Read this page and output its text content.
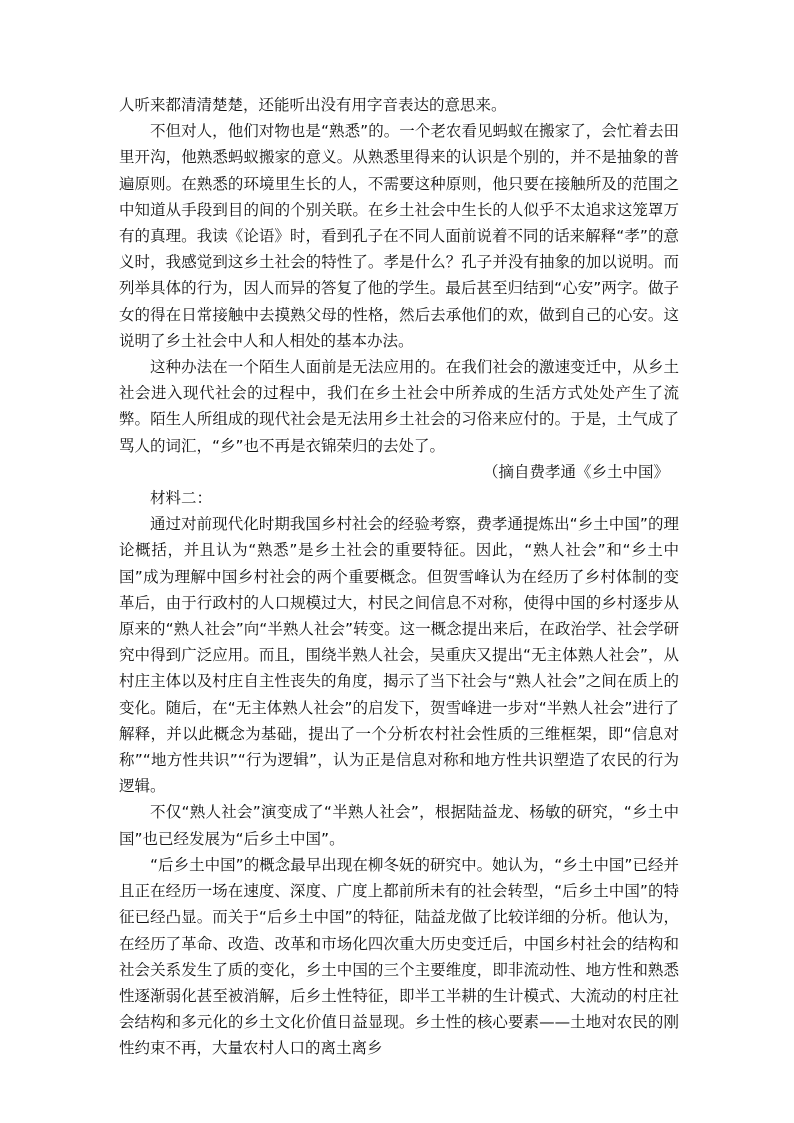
人听来都清清楚楚，还能听出没有用字音表达的意思来。

不但对人，他们对物也是“熟悉”的。一个老农看见蚂蚁在搬家了，会忙着去田里开沟，他熟悉蚂蚁搬家的意义。从熟悉里得来的认识是个别的，并不是抽象的普遍原则。在熟悉的环境里生长的人，不需要这种原则，他只要在接触所及的范围之中知道从手段到目的间的个别关联。在乡土社会中生长的人似乎不太追求这笼罩万有的真理。我读《论语》时，看到孔子在不同人面前说着不同的话来解释“孝”的意义时，我感觉到这乡土社会的特性了。孝是什么？孔子并没有抽象的加以说明。而列举具体的行为，因人而异的答复了他的学生。最后甚至归结到“心安”两字。做子女的得在日常接触中去摸熟父母的性格，然后去承他们的欢，做到自己的心安。这说明了乡土社会中人和人相处的基本办法。

这种办法在一个陌生人面前是无法应用的。在我们社会的激速变迁中，从乡土社会进入现代社会的过程中，我们在乡土社会中所养成的生活方式处处产生了流弊。陌生人所组成的现代社会是无法用乡土社会的习俗来应付的。于是，土气成了骂人的词汇，“乡”也不再是衣锦荣归的去处了。

（摘自费孝通《乡土中国》

材料二：

通过对前现代化时期我国乡村社会的经验考察，费孝通提炼出“乡土中国”的理论概括，并且认为“熟悉”是乡土社会的重要特征。因此，“熟人社会”和“乡土中国”成为理解中国乡村社会的两个重要概念。但贺雪峰认为在经历了乡村体制的变革后，由于行政村的人口规模过大，村民之间信息不对称，使得中国的乡村逐步从原来的“熟人社会”向“半熟人社会”转变。这一概念提出来后，在政治学、社会学研究中得到广泛应用。而且，围绕半熟人社会，吴重庆又提出“无主体熟人社会”，从村庄主体以及村庄自主性丧失的角度，揭示了当下社会与“熟人社会”之间在质上的变化。随后，在“无主体熟人社会”的启发下，贺雪峰进一步对“半熟人社会”进行了解释，并以此概念为基础，提出了一个分析农村社会性质的三维框架，即“信息对称”“地方性共识”“行为逻辑”，认为正是信息对称和地方性共识塑造了农民的行为逻辑。

不仅“熟人社会”演变成了“半熟人社会”，根据陆益龙、杨敏的研究，“乡土中国”也已经发展为“后乡土中国”。

“后乡土中国”的概念最早出现在柳冬妩的研究中。她认为，“乡土中国”已经并且正在经历一场在速度、深度、广度上都前所未有的社会转型，“后乡土中国”的特征已经凸显。而关于“后乡土中国”的特征，陆益龙做了比较详细的分析。他认为，在经历了革命、改造、改革和市场化四次重大历史变迁后，中国乡村社会的结构和社会关系发生了质的变化，乡土中国的三个主要维度，即非流动性、地方性和熟悉性逐渐弱化甚至被消解，后乡土性特征，即半工半耕的生计模式、大流动的村庄社会结构和多元化的乡土文化价值日益显现。乡土性的核心要素——土地对农民的刚性约束不再，大量农村人口的离土离乡
